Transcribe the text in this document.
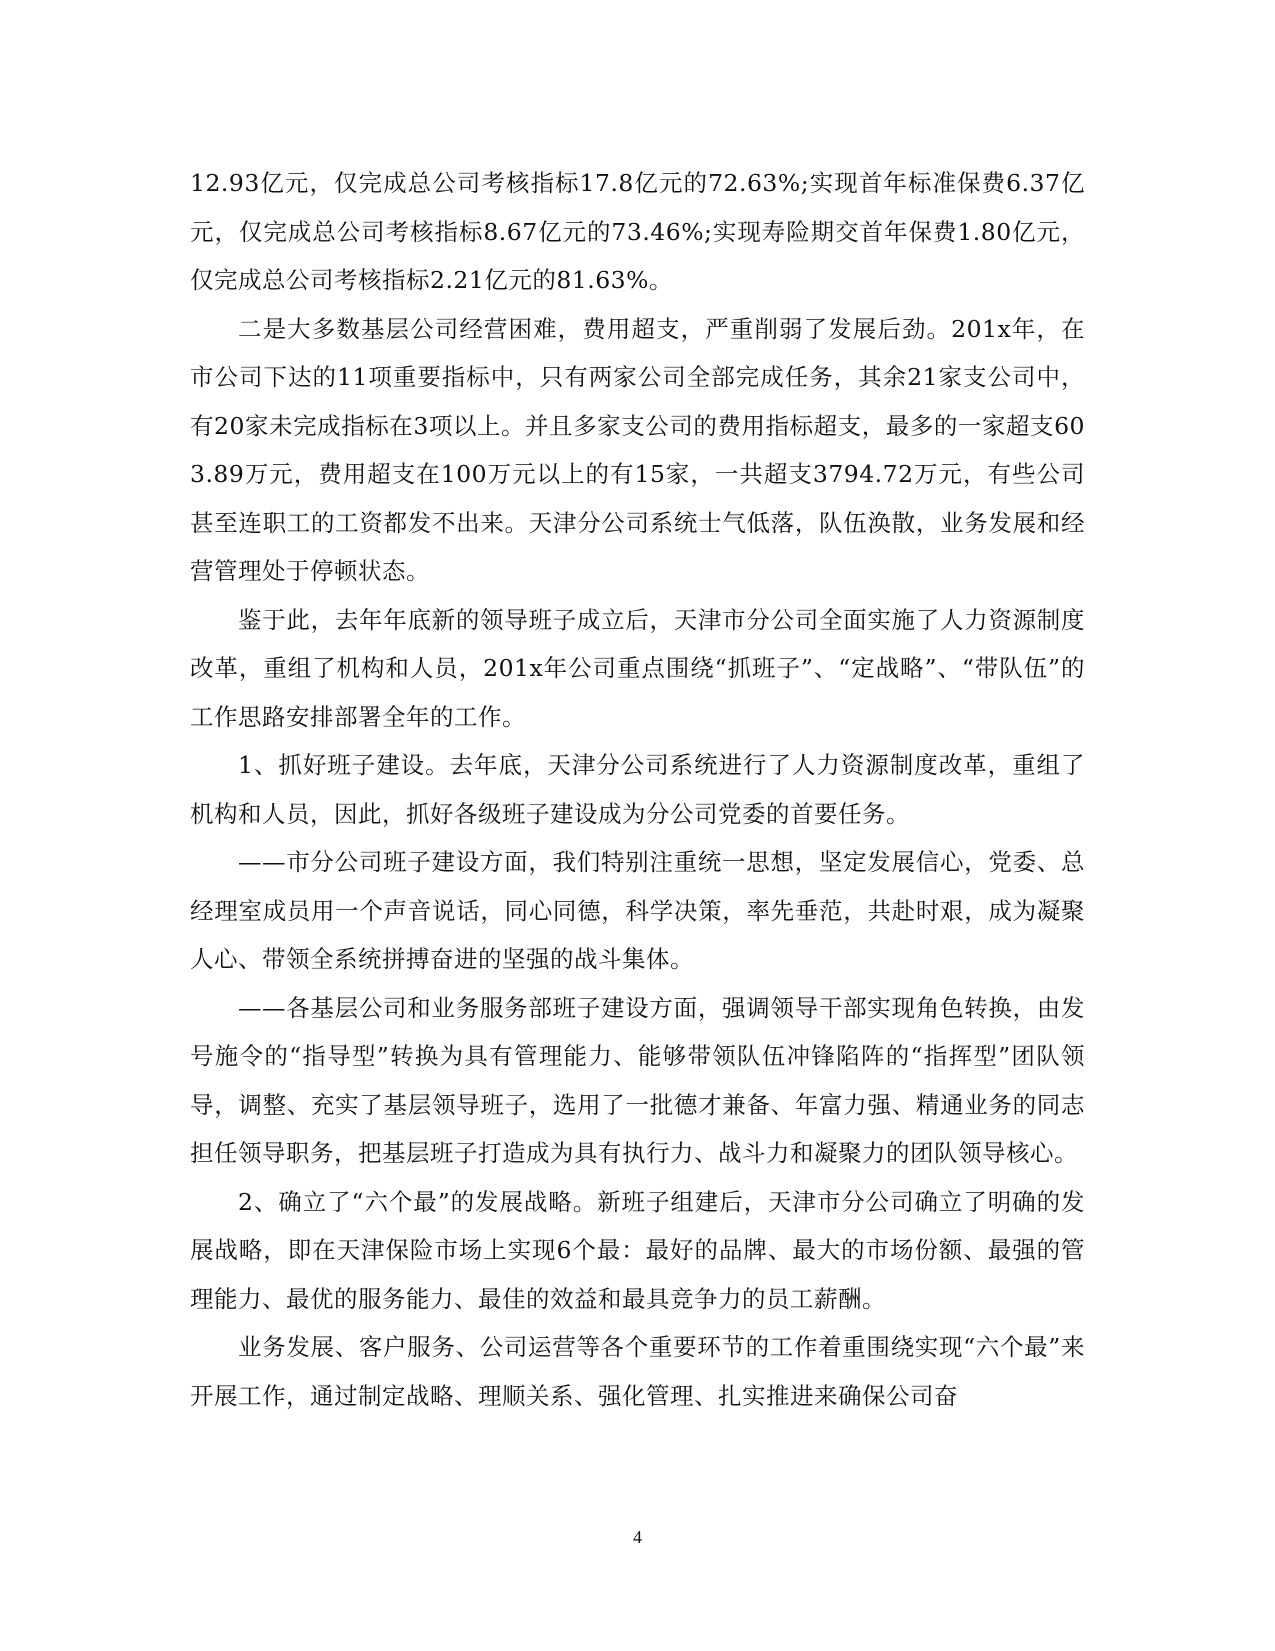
12.93亿元，仅完成总公司考核指标17.8亿元的72.63%;实现首年标准保费6.37亿元，仅完成总公司考核指标8.67亿元的73.46%;实现寿险期交首年保费1.80亿元，仅完成总公司考核指标2.21亿元的81.63%。

二是大多数基层公司经营困难，费用超支，严重削弱了发展后劲。201x年，在市公司下达的11项重要指标中，只有两家公司全部完成任务，其余21家支公司中，有20家未完成指标在3项以上。并且多家支公司的费用指标超支，最多的一家超支603.89万元，费用超支在100万元以上的有15家，一共超支3794.72万元，有些公司甚至连职工的工资都发不出来。天津分公司系统士气低落，队伍涣散，业务发展和经营管理处于停顿状态。

鉴于此，去年年底新的领导班子成立后，天津市分公司全面实施了人力资源制度改革，重组了机构和人员，201x年公司重点围绕“抓班子”、“定战略”、“带队伍”的工作思路安排部署全年的工作。

1、抓好班子建设。去年底，天津分公司系统进行了人力资源制度改革，重组了机构和人员，因此，抓好各级班子建设成为分公司党委的首要任务。

——市分公司班子建设方面，我们特别注重统一思想，坚定发展信心，党委、总经理室成员用一个声音说话，同心同德，科学决策，率先垂范，共赴时艰，成为凝聚人心、带领全系统拼搏奋进的坚强的战斗集体。

——各基层公司和业务服务部班子建设方面，强调领导干部实现角色转换，由发号施令的“指导型”转换为具有管理能力、能够带领队伍冲锋陷阵的“指挥型”团队领导，调整、充实了基层领导班子，选用了一批德才兼备、年富力强、精通业务的同志担任领导职务，把基层班子打造成为具有执行力、战斗力和凝聚力的团队领导核心。

2、确立了“六个最”的发展战略。新班子组建后，天津市分公司确立了明确的发展战略，即在天津保险市场上实现6个最：最好的品牌、最大的市场份额、最强的管理能力、最优的服务能力、最佳的效益和最具竞争力的员工薪酬。

业务发展、客户服务、公司运营等各个重要环节的工作着重围绕实现“六个最”来开展工作，通过制定战略、理顺关系、强化管理、扎实推进来确保公司奋

4
